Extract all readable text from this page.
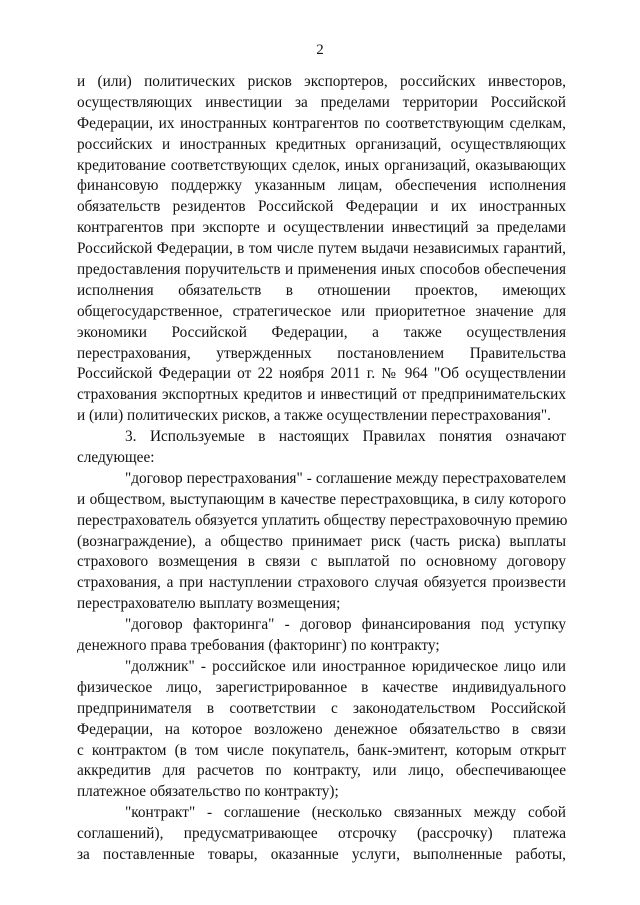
2
и (или) политических рисков экспортеров, российских инвесторов,
осуществляющих инвестиции за пределами территории Российской
Федерации, их иностранных контрагентов по соответствующим сделкам,
российских и иностранных кредитных организаций, осуществляющих
кредитование соответствующих сделок, иных организаций, оказывающих
финансовую поддержку указанным лицам, обеспечения исполнения
обязательств резидентов Российской Федерации и их иностранных
контрагентов при экспорте и осуществлении инвестиций за пределами
Российской Федерации, в том числе путем выдачи независимых гарантий,
предоставления поручительств и применения иных способов обеспечения
исполнения обязательств в отношении проектов, имеющих
общегосударственное, стратегическое или приоритетное значение для
экономики Российской Федерации, а также осуществления
перестрахования, утвержденных постановлением Правительства
Российской Федерации от 22 ноября 2011 г. № 964 "Об осуществлении
страхования экспортных кредитов и инвестиций от предпринимательских
и (или) политических рисков, а также осуществлении перестрахования".
3. Используемые в настоящих Правилах понятия означают
следующее:
"договор перестрахования" - соглашение между перестрахователем
и обществом, выступающим в качестве перестраховщика, в силу которого
перестрахователь обязуется уплатить обществу перестраховочную премию
(вознаграждение), а общество принимает риск (часть риска) выплаты
страхового возмещения в связи с выплатой по основному договору
страхования, а при наступлении страхового случая обязуется произвести
перестрахователю выплату возмещения;
"договор факторинга" - договор финансирования под уступку
денежного права требования (факторинг) по контракту;
"должник" - российское или иностранное юридическое лицо или
физическое лицо, зарегистрированное в качестве индивидуального
предпринимателя в соответствии с законодательством Российской
Федерации, на которое возложено денежное обязательство в связи
с контрактом (в том числе покупатель, банк-эмитент, которым открыт
аккредитив для расчетов по контракту, или лицо, обеспечивающее
платежное обязательство по контракту);
"контракт" - соглашение (несколько связанных между собой
соглашений), предусматривающее отсрочку (рассрочку) платежа
за поставленные товары, оказанные услуги, выполненные работы,
